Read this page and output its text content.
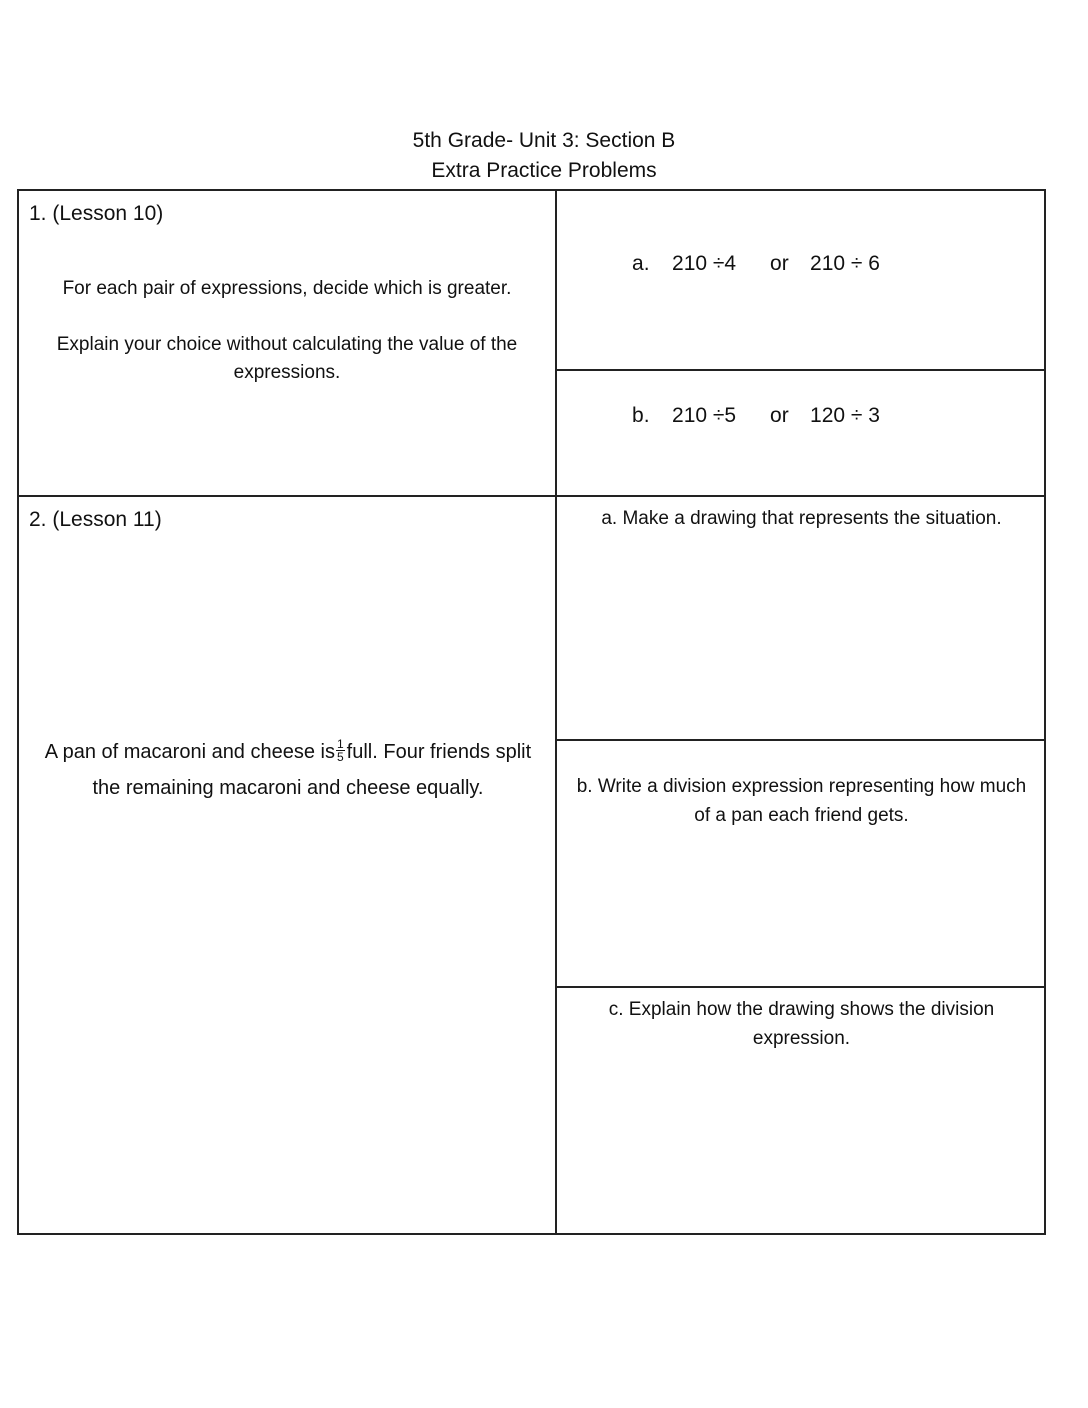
5th Grade- Unit 3: Section B
Extra Practice Problems
1. (Lesson 10)
For each pair of expressions, decide which is greater.
Explain your choice without calculating the value of the expressions.

a. 210 ÷4 or 210 ÷ 6

b. 210 ÷5 or 120 ÷ 3

2. (Lesson 11)
A pan of macaroni and cheese is $\frac{1}{5}$ full. Four friends split the remaining macaroni and cheese equally.
a. Make a drawing that represents the situation.
b. Write a division expression representing how much of a pan each friend gets.
c. Explain how the drawing shows the division expression.
